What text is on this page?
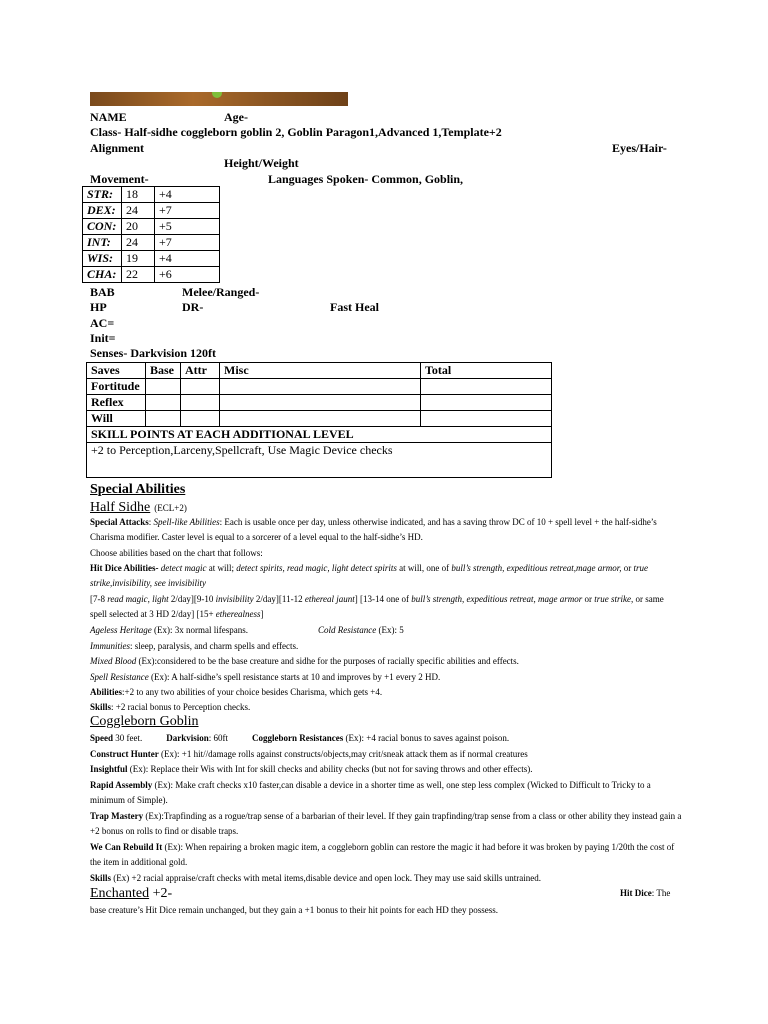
NAME	Age-
Class- Half-sidhe coggleborn goblin 2, Goblin Paragon1,Advanced 1,Template+2
Alignment	Eyes/Hair-
Height/Weight
Movement-	Languages Spoken- Common, Goblin,
STR:	18	+4
DEX:	24	+7
CON:	20	+5
INT:	24	+7
WIS:	19	+4
CHA:	22	+6
BAB	Melee/Ranged-
HP	DR-	Fast Heal
AC=
Init=
Senses- Darkvision 120ft
Saves	Base	Attr	Misc	Total
Fortitude				
Reflex				
Will				
SKILL POINTS AT EACH ADDITIONAL LEVEL				
+2 to Perception,Larceny,Spellcraft, Use Magic Device checks				
Special Abilities
Half Sidhe (ECL+2)
Special Attacks: Spell-like Abilities: Each is usable once per day, unless otherwise indicated, and has a saving throw DC of 10 + spell level + the half-sidhe’s Charisma modifier. Caster level is equal to a sorcerer of a level equal to the half-sidhe’s HD.
Choose abilities based on the chart that follows:
Hit Dice Abilities- detect magic at will; detect spirits, read magic, light detect spirits at will, one of bull’s strength, expeditious retreat,mage armor, or true strike,invisibility, see invisibility
[7-8 read magic, light 2/day][9-10 invisibility 2/day][11-12 ethereal jaunt] [13-14 one of bull’s strength, expeditious retreat, mage armor or true strike, or same spell selected at 3 HD 2/day] [15+ etherealness]
Ageless Heritage (Ex): 3x normal lifespans.	Cold Resistance (Ex): 5
Immunities: sleep, paralysis, and charm spells and effects.
Mixed Blood (Ex):considered to be the base creature and sidhe for the purposes of racially specific abilities and effects.
Spell Resistance (Ex): A half-sidhe’s spell resistance starts at 10 and improves by +1 every 2 HD.
Abilities:+2 to any two abilities of your choice besides Charisma, which gets +4.
Skills: +2 racial bonus to Perception checks.
Coggleborn Goblin
Speed 30 feet.	Darkvision: 60ft	Coggleborn Resistances (Ex): +4 racial bonus to saves against poison.
Construct Hunter (Ex): +1 hit//damage rolls against constructs/objects,may crit/sneak attack them as if normal creatures
Insightful (Ex): Replace their Wis with Int for skill checks and ability checks (but not for saving throws and other effects).
Rapid Assembly (Ex): Make craft checks x10 faster,can disable a device in a shorter time as well, one step less complex (Wicked to Difficult to Tricky to a minimum of Simple).
Trap Mastery (Ex):Trapfinding as a rogue/trap sense of a barbarian of their level. If they gain trapfinding/trap sense from a class or other ability they instead gain a +2 bonus on rolls to find or disable traps.
We Can Rebuild It (Ex): When repairing a broken magic item, a coggleborn goblin can restore the magic it had before it was broken by paying 1/20th the cost of the item in additional gold.
Skills (Ex) +2 racial appraise/craft checks with metal items,disable device and open lock. They may use said skills untrained.
Enchanted +2-	Hit Dice: The
base creature’s Hit Dice remain unchanged, but they gain a +1 bonus to their hit points for each HD they possess.
